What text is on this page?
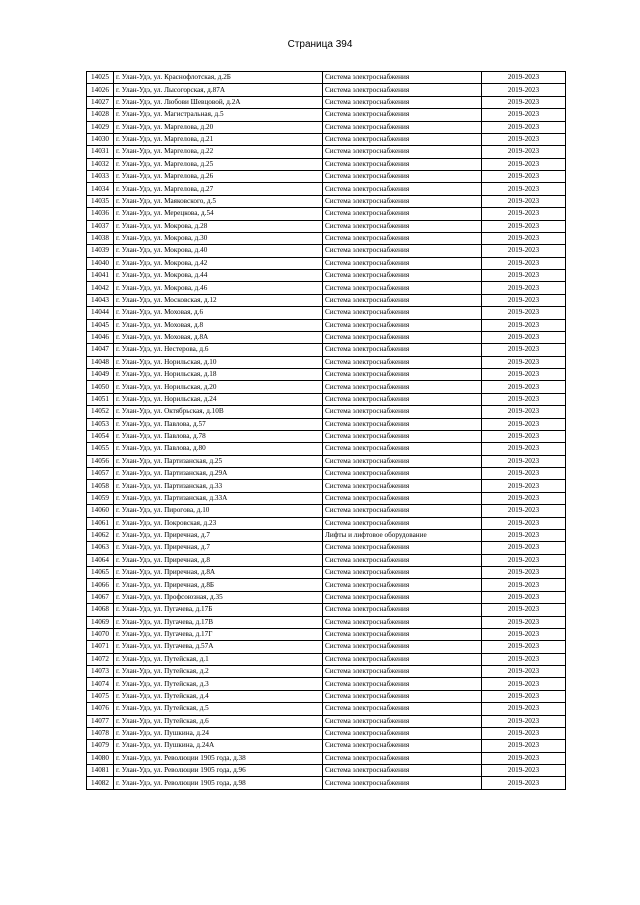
Страница 394
14025	г. Улан-Удэ, ул. Краснофлотская, д.2Б	Система электроснабжения	2019-2023
14026	г. Улан-Удэ, ул. Лысогорская, д.87А	Система электроснабжения	2019-2023
14027	г. Улан-Удэ, ул. Любови Шевцовой, д.2А	Система электроснабжения	2019-2023
14028	г. Улан-Удэ, ул. Магистральная, д.5	Система электроснабжения	2019-2023
14029	г. Улан-Удэ, ул. Маргелова, д.20	Система электроснабжения	2019-2023
14030	г. Улан-Удэ, ул. Маргелова, д.21	Система электроснабжения	2019-2023
14031	г. Улан-Удэ, ул. Маргелова, д.22	Система электроснабжения	2019-2023
14032	г. Улан-Удэ, ул. Маргелова, д.25	Система электроснабжения	2019-2023
14033	г. Улан-Удэ, ул. Маргелова, д.26	Система электроснабжения	2019-2023
14034	г. Улан-Удэ, ул. Маргелова, д.27	Система электроснабжения	2019-2023
14035	г. Улан-Удэ, ул. Маяковского, д.5	Система электроснабжения	2019-2023
14036	г. Улан-Удэ, ул. Мерецкова, д.54	Система электроснабжения	2019-2023
14037	г. Улан-Удэ, ул. Мокрова, д.28	Система электроснабжения	2019-2023
14038	г. Улан-Удэ, ул. Мокрова, д.30	Система электроснабжения	2019-2023
14039	г. Улан-Удэ, ул. Мокрова, д.40	Система электроснабжения	2019-2023
14040	г. Улан-Удэ, ул. Мокрова, д.42	Система электроснабжения	2019-2023
14041	г. Улан-Удэ, ул. Мокрова, д.44	Система электроснабжения	2019-2023
14042	г. Улан-Удэ, ул. Мокрова, д.46	Система электроснабжения	2019-2023
14043	г. Улан-Удэ, ул. Московская, д.12	Система электроснабжения	2019-2023
14044	г. Улан-Удэ, ул. Моховая, д.6	Система электроснабжения	2019-2023
14045	г. Улан-Удэ, ул. Моховая, д.8	Система электроснабжения	2019-2023
14046	г. Улан-Удэ, ул. Моховая, д.8А	Система электроснабжения	2019-2023
14047	г. Улан-Удэ, ул. Нестерова, д.6	Система электроснабжения	2019-2023
14048	г. Улан-Удэ, ул. Норильская, д.10	Система электроснабжения	2019-2023
14049	г. Улан-Удэ, ул. Норильская, д.18	Система электроснабжения	2019-2023
14050	г. Улан-Удэ, ул. Норильская, д.20	Система электроснабжения	2019-2023
14051	г. Улан-Удэ, ул. Норильская, д.24	Система электроснабжения	2019-2023
14052	г. Улан-Удэ, ул. Октябрьская, д.10В	Система электроснабжения	2019-2023
14053	г. Улан-Удэ, ул. Павлова, д.57	Система электроснабжения	2019-2023
14054	г. Улан-Удэ, ул. Павлова, д.78	Система электроснабжения	2019-2023
14055	г. Улан-Удэ, ул. Павлова, д.80	Система электроснабжения	2019-2023
14056	г. Улан-Удэ, ул. Партизанская, д.25	Система электроснабжения	2019-2023
14057	г. Улан-Удэ, ул. Партизанская, д.29А	Система электроснабжения	2019-2023
14058	г. Улан-Удэ, ул. Партизанская, д.33	Система электроснабжения	2019-2023
14059	г. Улан-Удэ, ул. Партизанская, д.33А	Система электроснабжения	2019-2023
14060	г. Улан-Удэ, ул. Пирогова, д.10	Система электроснабжения	2019-2023
14061	г. Улан-Удэ, ул. Покровская, д.23	Система электроснабжения	2019-2023
14062	г. Улан-Удэ, ул. Приречная, д.7	Лифты и лифтовое оборудование	2019-2023
14063	г. Улан-Удэ, ул. Приречная, д.7	Система электроснабжения	2019-2023
14064	г. Улан-Удэ, ул. Приречная, д.8	Система электроснабжения	2019-2023
14065	г. Улан-Удэ, ул. Приречная, д.8А	Система электроснабжения	2019-2023
14066	г. Улан-Удэ, ул. Приречная, д.8Б	Система электроснабжения	2019-2023
14067	г. Улан-Удэ, ул. Профсоюзная, д.35	Система электроснабжения	2019-2023
14068	г. Улан-Удэ, ул. Пугачева, д.17Б	Система электроснабжения	2019-2023
14069	г. Улан-Удэ, ул. Пугачева, д.17В	Система электроснабжения	2019-2023
14070	г. Улан-Удэ, ул. Пугачева, д.17Г	Система электроснабжения	2019-2023
14071	г. Улан-Удэ, ул. Пугачева, д.57А	Система электроснабжения	2019-2023
14072	г. Улан-Удэ, ул. Путейская, д.1	Система электроснабжения	2019-2023
14073	г. Улан-Удэ, ул. Путейская, д.2	Система электроснабжения	2019-2023
14074	г. Улан-Удэ, ул. Путейская, д.3	Система электроснабжения	2019-2023
14075	г. Улан-Удэ, ул. Путейская, д.4	Система электроснабжения	2019-2023
14076	г. Улан-Удэ, ул. Путейская, д.5	Система электроснабжения	2019-2023
14077	г. Улан-Удэ, ул. Путейская, д.6	Система электроснабжения	2019-2023
14078	г. Улан-Удэ, ул. Пушкина, д.24	Система электроснабжения	2019-2023
14079	г. Улан-Удэ, ул. Пушкина, д.24А	Система электроснабжения	2019-2023
14080	г. Улан-Удэ, ул. Революции 1905 года, д.38	Система электроснабжения	2019-2023
14081	г. Улан-Удэ, ул. Революции 1905 года, д.96	Система электроснабжения	2019-2023
14082	г. Улан-Удэ, ул. Революции 1905 года, д.98	Система электроснабжения	2019-2023
